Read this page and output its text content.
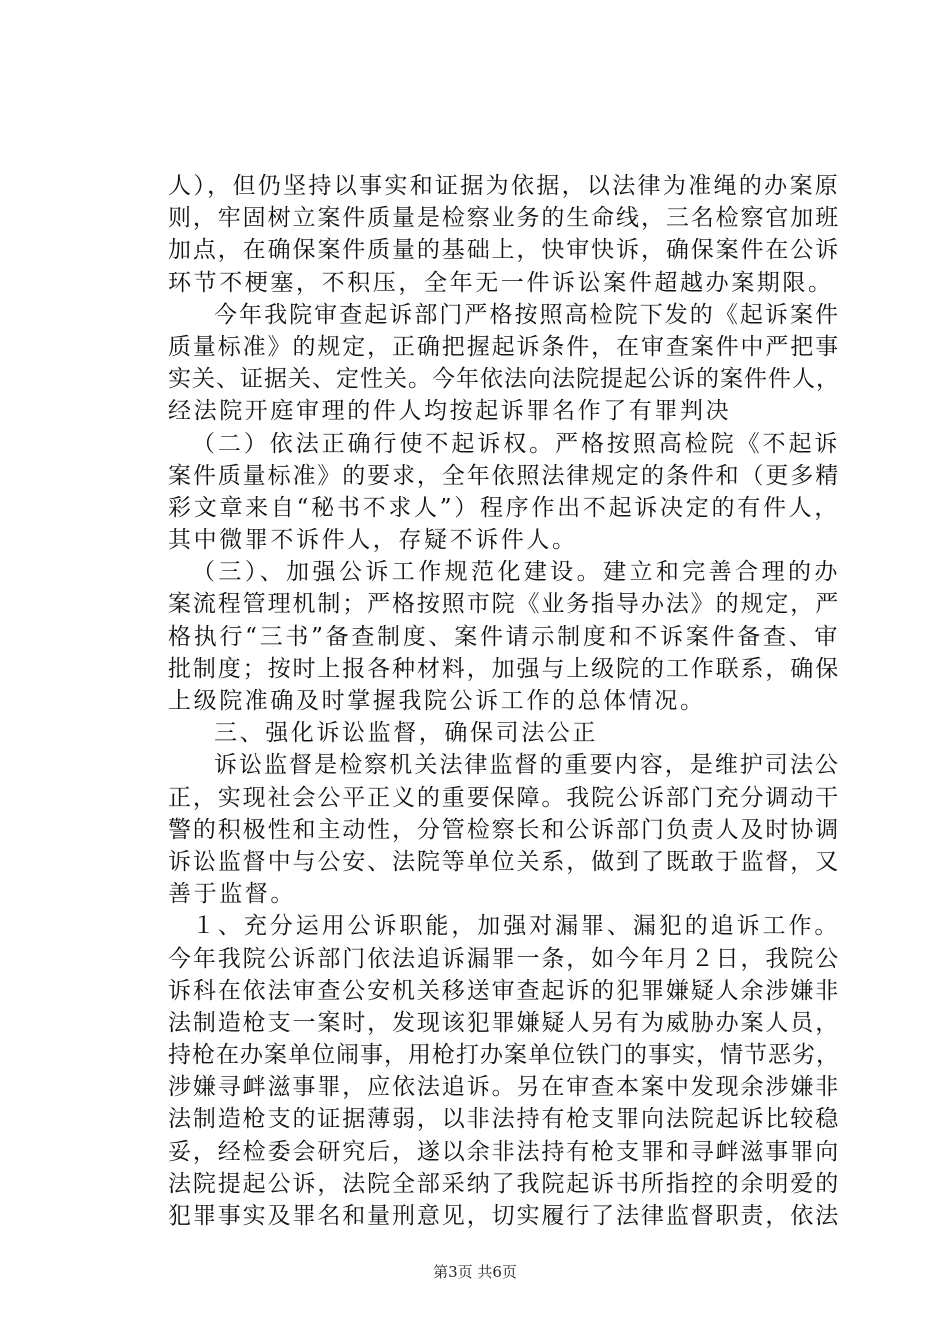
人），但仍坚持以事实和证据为依据，以法律为准绳的办案原
则，牢固树立案件质量是检察业务的生命线，三名检察官加班
加点，在确保案件质量的基础上，快审快诉，确保案件在公诉
环节不梗塞，不积压，全年无一件诉讼案件超越办案期限。
今年我院审查起诉部门严格按照高检院下发的《起诉案件
质量标准》的规定，正确把握起诉条件，在审查案件中严把事
实关、证据关、定性关。今年依法向法院提起公诉的案件件人，
经法院开庭审理的件人均按起诉罪名作了有罪判决
（二）依法正确行使不起诉权。严格按照高检院《不起诉
案件质量标准》的要求，全年依照法律规定的条件和（更多精
彩文章来自“秘书不求人”）程序作出不起诉决定的有件人，
其中微罪不诉件人，存疑不诉件人。
（三）、加强公诉工作规范化建设。建立和完善合理的办
案流程管理机制；严格按照市院《业务指导办法》的规定，严
格执行“三书”备查制度、案件请示制度和不诉案件备查、审
批制度；按时上报各种材料，加强与上级院的工作联系，确保
上级院准确及时掌握我院公诉工作的总体情况。
三、强化诉讼监督，确保司法公正
诉讼监督是检察机关法律监督的重要内容，是维护司法公
正，实现社会公平正义的重要保障。我院公诉部门充分调动干
警的积极性和主动性，分管检察长和公诉部门负责人及时协调
诉讼监督中与公安、法院等单位关系，做到了既敢于监督，又
善于监督。
１、充分运用公诉职能，加强对漏罪、漏犯的追诉工作。
今年我院公诉部门依法追诉漏罪一条，如今年月２日，我院公
诉科在依法审查公安机关移送审查起诉的犯罪嫌疑人余涉嫌非
法制造枪支一案时，发现该犯罪嫌疑人另有为威胁办案人员，
持枪在办案单位闹事，用枪打办案单位铁门的事实，情节恶劣，
涉嫌寻衅滋事罪，应依法追诉。另在审查本案中发现余涉嫌非
法制造枪支的证据薄弱，以非法持有枪支罪向法院起诉比较稳
妥，经检委会研究后，遂以余非法持有枪支罪和寻衅滋事罪向
法院提起公诉，法院全部采纳了我院起诉书所指控的余明爱的
犯罪事实及罪名和量刑意见，切实履行了法律监督职责，依法
第3页 共6页
